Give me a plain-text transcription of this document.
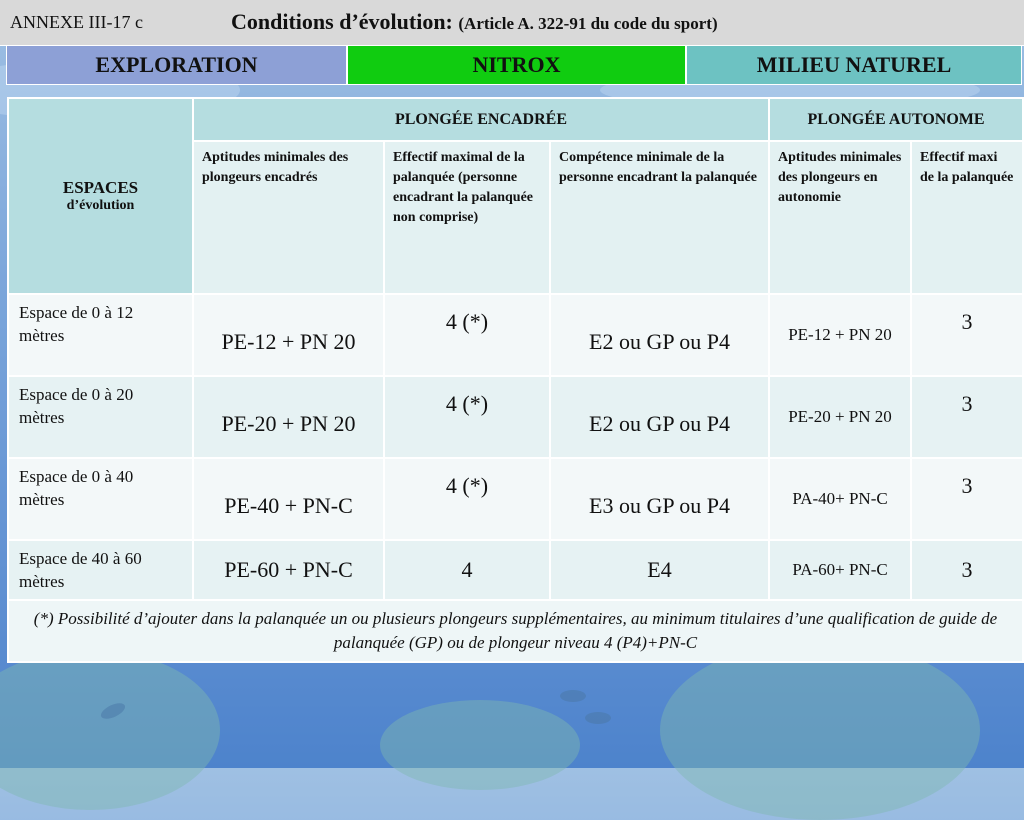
ANNEXE III-17 c	Conditions d’évolution: (Article A. 322-91 du code du sport)
EXPLORATION	NITROX	MILIEU NATUREL
ESPACES
d’évolution	PLONGÉE ENCADRÉE			PLONGÉE AUTONOME	
	Aptitudes minimales des plongeurs encadrés	Effectif maximal de la palanquée (personne encadrant la palanquée non comprise)	Compétence minimale de la personne encadrant la palanquée	Aptitudes minimales des plongeurs en autonomie	Effectif maxi de la palanquée
Espace de 0 à 12 mètres	PE-12 + PN 20	4 (*)	E2 ou GP ou P4	PE-12 + PN 20	3
Espace de 0 à 20 mètres	PE-20 + PN 20	4 (*)	E2 ou GP ou P4	PE-20 + PN 20	3
Espace de 0 à 40 mètres	PE-40 + PN-C	4 (*)	E3 ou GP ou P4	PA-40+ PN-C	3
Espace de 40 à 60 mètres	PE-60 + PN-C	4	E4	PA-60+ PN-C	3
(*) Possibilité d’ajouter dans la palanquée un ou plusieurs plongeurs supplémentaires, au minimum titulaires d’une qualification de guide de palanquée (GP) ou de plongeur niveau 4 (P4)+PN-C					
